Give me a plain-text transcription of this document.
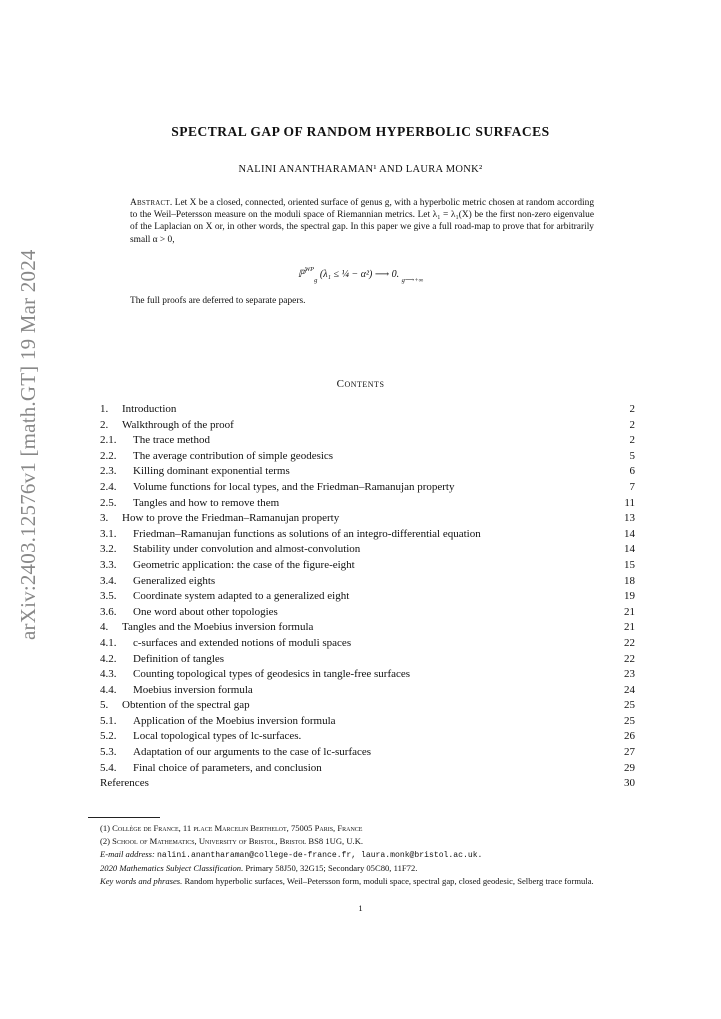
arXiv:2403.12576v1 [math.GT] 19 Mar 2024
SPECTRAL GAP OF RANDOM HYPERBOLIC SURFACES
NALINI ANANTHARAMAN¹ AND LAURA MONK²
Abstract. Let X be a closed, connected, oriented surface of genus g, with a hyperbolic metric chosen at random according to the Weil–Petersson measure on the moduli space of Riemannian metrics. Let λ₁ = λ₁(X) be the first non-zero eigenvalue of the Laplacian on X or, in other words, the spectral gap. In this paper we give a full road-map to prove that for arbitrarily small α > 0,
ℙ$^{WP}_g$ (λ₁ ≤ ¼ − α²) ⟶ 0. $_{g⟶+\infty}$
The full proofs are deferred to separate papers.
Contents
1. Introduction	2
2. Walkthrough of the proof	2
2.1. The trace method	2
2.2. The average contribution of simple geodesics	5
2.3. Killing dominant exponential terms	6
2.4. Volume functions for local types, and the Friedman–Ramanujan property	7
2.5. Tangles and how to remove them	11
3. How to prove the Friedman–Ramanujan property	13
3.1. Friedman–Ramanujan functions as solutions of an integro-differential equation	14
3.2. Stability under convolution and almost-convolution	14
3.3. Geometric application: the case of the figure-eight	15
3.4. Generalized eights	18
3.5. Coordinate system adapted to a generalized eight	19
3.6. One word about other topologies	21
4. Tangles and the Moebius inversion formula	21
4.1. c-surfaces and extended notions of moduli spaces	22
4.2. Definition of tangles	22
4.3. Counting topological types of geodesics in tangle-free surfaces	23
4.4. Moebius inversion formula	24
5. Obtention of the spectral gap	25
5.1. Application of the Moebius inversion formula	25
5.2. Local topological types of lc-surfaces.	26
5.3. Adaptation of our arguments to the case of lc-surfaces	27
5.4. Final choice of parameters, and conclusion	29
References	30
(1) Collège de France, 11 place Marcelin Berthelot, 75005 Paris, France
(2) School of Mathematics, University of Bristol, Bristol BS8 1UG, U.K.
E-mail address: nalini.anantharaman@college-de-france.fr, laura.monk@bristol.ac.uk.
2020 Mathematics Subject Classification. Primary 58J50, 32G15; Secondary 05C80, 11F72.
Key words and phrases. Random hyperbolic surfaces, Weil–Petersson form, moduli space, spectral gap, closed geodesic, Selberg trace formula.
1
